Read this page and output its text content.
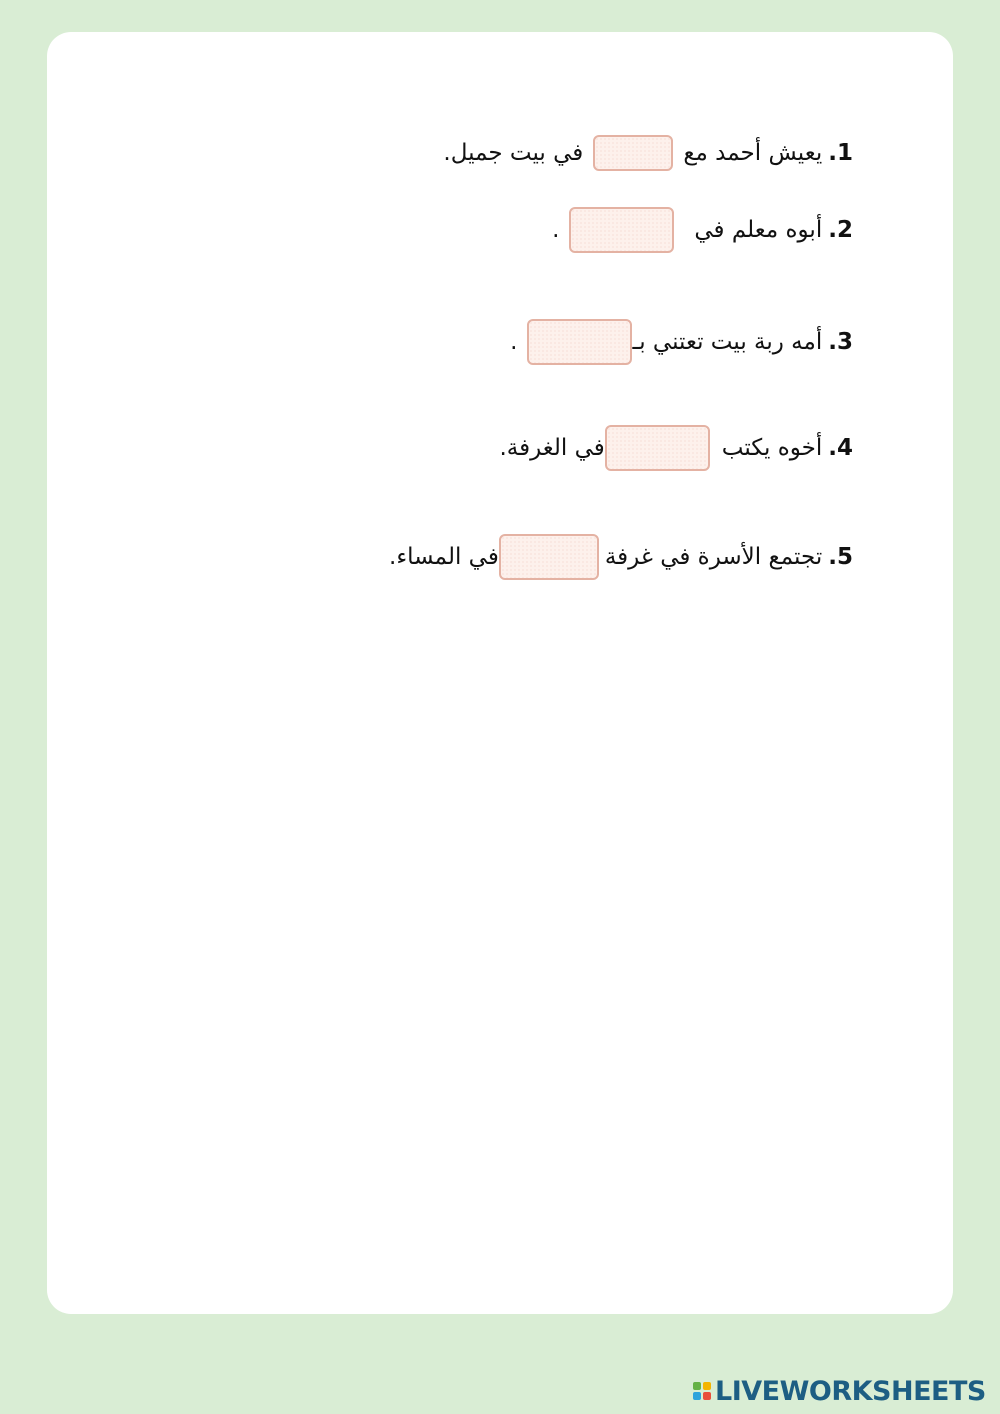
1.
يعيش أحمد مع
في بيت جميل.
2.
أبوه معلم في
.
3.
أمه ربة بيت تعتني بـ
.
4.
أخوه يكتب
في الغرفة.
5.
تجتمع الأسرة في غرفة
في المساء.
LIVEWORKSHEETS
